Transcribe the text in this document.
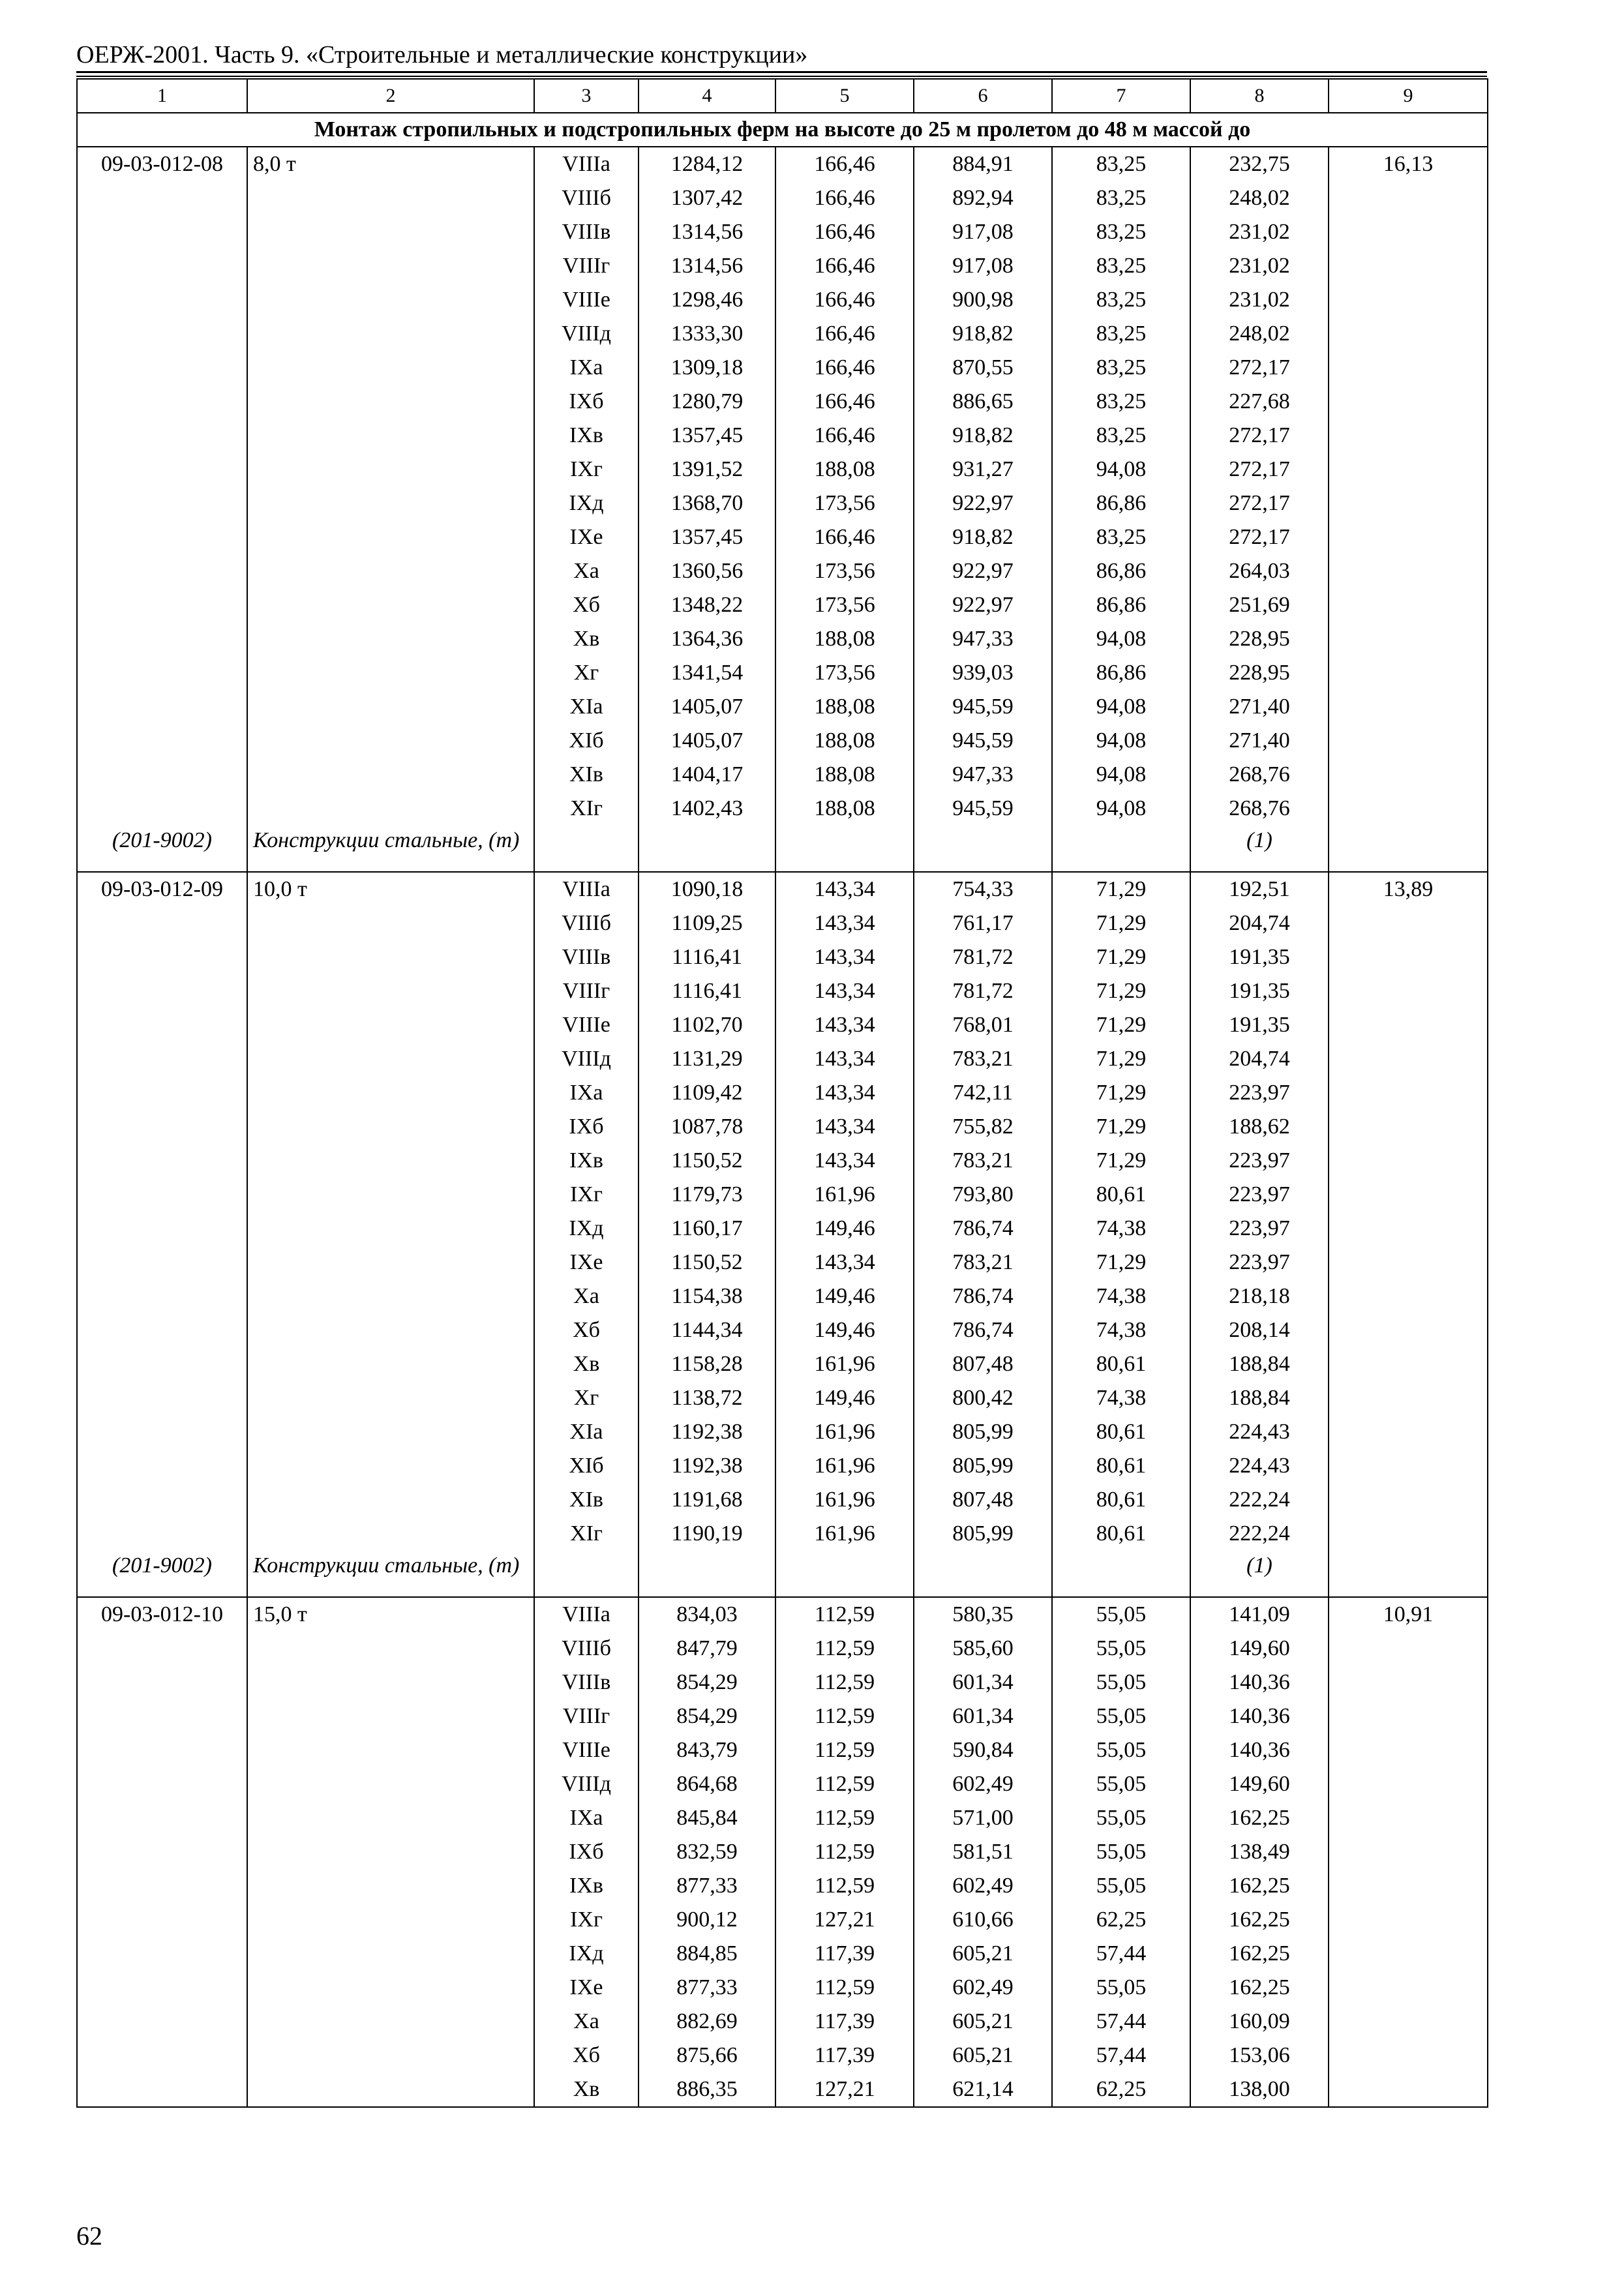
ОЕРЖ-2001. Часть 9. «Строительные и металлические конструкции»
1	2	3	4	5	6	7	8	9
Монтаж стропильных и подстропильных ферм на высоте до 25 м пролетом до 48 м массой до								
09-03-012-08	8,0 т	VIIIа	1284,12	166,46	884,91	83,25	232,75	16,13
		VIIIб	1307,42	166,46	892,94	83,25	248,02	
		VIIIв	1314,56	166,46	917,08	83,25	231,02	
		VIIIг	1314,56	166,46	917,08	83,25	231,02	
		VIIIе	1298,46	166,46	900,98	83,25	231,02	
		VIIIд	1333,30	166,46	918,82	83,25	248,02	
		IXа	1309,18	166,46	870,55	83,25	272,17	
		IXб	1280,79	166,46	886,65	83,25	227,68	
		IXв	1357,45	166,46	918,82	83,25	272,17	
		IXг	1391,52	188,08	931,27	94,08	272,17	
		IXд	1368,70	173,56	922,97	86,86	272,17	
		IXе	1357,45	166,46	918,82	83,25	272,17	
		Xа	1360,56	173,56	922,97	86,86	264,03	
		Xб	1348,22	173,56	922,97	86,86	251,69	
		Xв	1364,36	188,08	947,33	94,08	228,95	
		Xг	1341,54	173,56	939,03	86,86	228,95	
		XIа	1405,07	188,08	945,59	94,08	271,40	
		XIб	1405,07	188,08	945,59	94,08	271,40	
		XIв	1404,17	188,08	947,33	94,08	268,76	
		XIг	1402,43	188,08	945,59	94,08	268,76	
(201-9002)	Конструкции стальные, (т)						(1)	
09-03-012-09	10,0 т	VIIIа	1090,18	143,34	754,33	71,29	192,51	13,89
		VIIIб	1109,25	143,34	761,17	71,29	204,74	
		VIIIв	1116,41	143,34	781,72	71,29	191,35	
		VIIIг	1116,41	143,34	781,72	71,29	191,35	
		VIIIе	1102,70	143,34	768,01	71,29	191,35	
		VIIIд	1131,29	143,34	783,21	71,29	204,74	
		IXа	1109,42	143,34	742,11	71,29	223,97	
		IXб	1087,78	143,34	755,82	71,29	188,62	
		IXв	1150,52	143,34	783,21	71,29	223,97	
		IXг	1179,73	161,96	793,80	80,61	223,97	
		IXд	1160,17	149,46	786,74	74,38	223,97	
		IXе	1150,52	143,34	783,21	71,29	223,97	
		Xа	1154,38	149,46	786,74	74,38	218,18	
		Xб	1144,34	149,46	786,74	74,38	208,14	
		Xв	1158,28	161,96	807,48	80,61	188,84	
		Xг	1138,72	149,46	800,42	74,38	188,84	
		XIа	1192,38	161,96	805,99	80,61	224,43	
		XIб	1192,38	161,96	805,99	80,61	224,43	
		XIв	1191,68	161,96	807,48	80,61	222,24	
		XIг	1190,19	161,96	805,99	80,61	222,24	
(201-9002)	Конструкции стальные, (т)						(1)	
09-03-012-10	15,0 т	VIIIа	834,03	112,59	580,35	55,05	141,09	10,91
		VIIIб	847,79	112,59	585,60	55,05	149,60	
		VIIIв	854,29	112,59	601,34	55,05	140,36	
		VIIIг	854,29	112,59	601,34	55,05	140,36	
		VIIIе	843,79	112,59	590,84	55,05	140,36	
		VIIIд	864,68	112,59	602,49	55,05	149,60	
		IXа	845,84	112,59	571,00	55,05	162,25	
		IXб	832,59	112,59	581,51	55,05	138,49	
		IXв	877,33	112,59	602,49	55,05	162,25	
		IXг	900,12	127,21	610,66	62,25	162,25	
		IXд	884,85	117,39	605,21	57,44	162,25	
		IXе	877,33	112,59	602,49	55,05	162,25	
		Xа	882,69	117,39	605,21	57,44	160,09	
		Xб	875,66	117,39	605,21	57,44	153,06	
		Xв	886,35	127,21	621,14	62,25	138,00	
62
